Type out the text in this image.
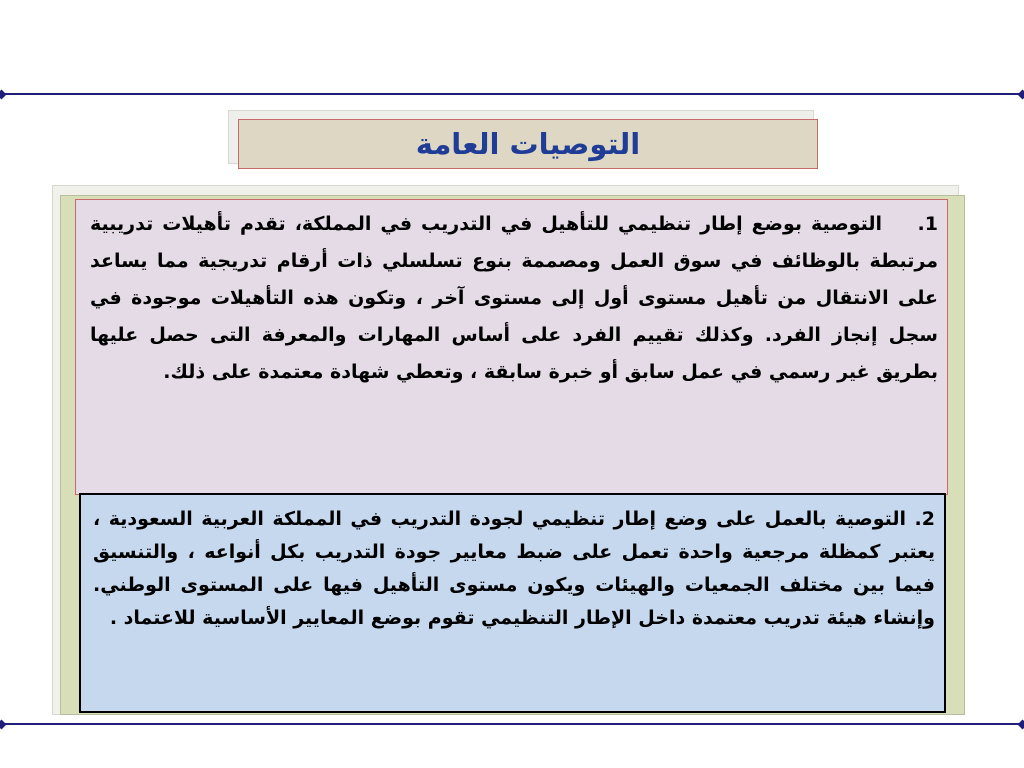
التوصيات العامة
1.التوصية بوضع إطار تنظيمي للتأهيل في التدريب في المملكة، تقدم تأهيلات تدريبية مرتبطة بالوظائف في سوق العمل ومصممة بنوع تسلسلي ذات أرقام تدريجية مما يساعد على الانتقال من تأهيل مستوى أول إلى مستوى آخر ، وتكون هذه التأهيلات موجودة في سجل إنجاز الفرد. وكذلك تقييم الفرد على أساس المهارات والمعرفة التى حصل عليها بطريق غير رسمي في عمل سابق أو خبرة سابقة ، وتعطي شهادة معتمدة على ذلك.
2. التوصية بالعمل على وضع إطار تنظيمي لجودة التدريب في المملكة العربية السعودية ، يعتبر كمظلة مرجعية واحدة تعمل على ضبط معايير جودة التدريب بكل أنواعه ، والتنسيق فيما بين مختلف الجمعيات والهيئات ويكون مستوى التأهيل فيها على المستوى الوطني. وإنشاء هيئة تدريب معتمدة داخل الإطار التنظيمي تقوم بوضع المعايير الأساسية للاعتماد .
